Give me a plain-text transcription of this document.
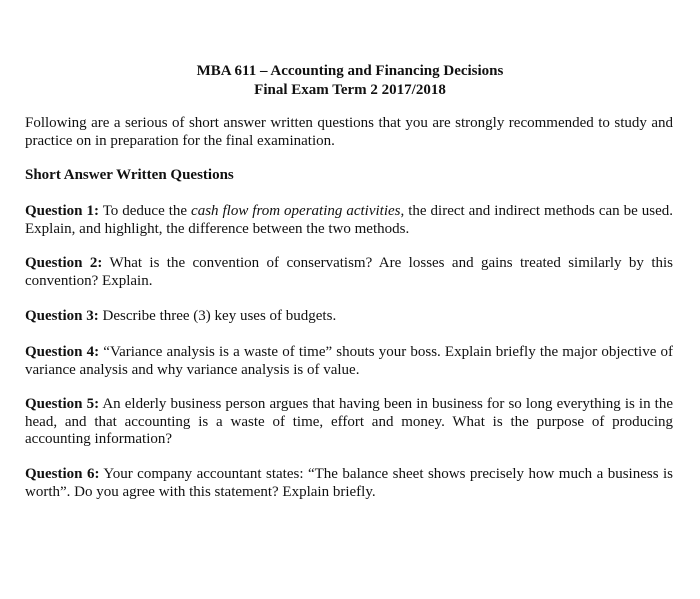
MBA 611 – Accounting and Financing Decisions
Final Exam Term 2 2017/2018
Following are a serious of short answer written questions that you are strongly recommended to study and practice on in preparation for the final examination.
Short Answer Written Questions
Question 1: To deduce the cash flow from operating activities, the direct and indirect methods can be used. Explain, and highlight, the difference between the two methods.
Question 2: What is the convention of conservatism? Are losses and gains treated similarly by this convention? Explain.
Question 3: Describe three (3) key uses of budgets.
Question 4: “Variance analysis is a waste of time” shouts your boss. Explain briefly the major objective of variance analysis and why variance analysis is of value.
Question 5: An elderly business person argues that having been in business for so long everything is in the head, and that accounting is a waste of time, effort and money. What is the purpose of producing accounting information?
Question 6: Your company accountant states: “The balance sheet shows precisely how much a business is worth”. Do you agree with this statement? Explain briefly.
